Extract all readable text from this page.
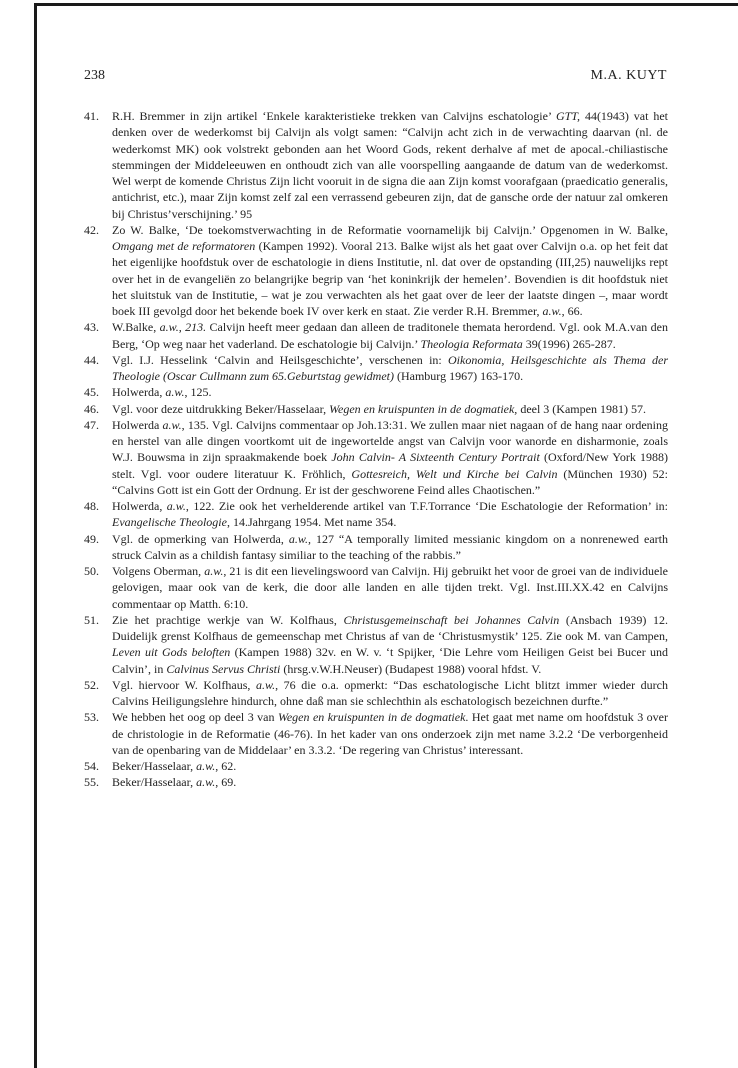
238	M.A. KUYT
41.	R.H. Bremmer in zijn artikel ‘Enkele karakteristieke trekken van Calvijns eschatologie’ GTT, 44(1943) vat het denken over de wederkomst bij Calvijn als volgt samen: “Calvijn acht zich in de verwachting daarvan (nl. de wederkomst MK) ook volstrekt gebonden aan het Woord Gods, rekent derhalve af met de apocal.-chiliastische stemmingen der Middeleeuwen en onthoudt zich van alle voorspelling aangaande de datum van de wederkomst. Wel werpt de komende Christus Zijn licht vooruit in de signa die aan Zijn komst voorafgaan (praedicatio generalis, antichrist, etc.), maar Zijn komst zelf zal een verrassend gebeuren zijn, dat de gansche orde der natuur zal omkeren bij Christus’verschijning.’ 95
42.	Zo W. Balke, ‘De toekomstverwachting in de Reformatie voornamelijk bij Calvijn.’ Opgenomen in W. Balke, Omgang met de reformatoren (Kampen 1992). Vooral 213. Balke wijst als het gaat over Calvijn o.a. op het feit dat het eigenlijke hoofdstuk over de eschatologie in diens Institutie, nl. dat over de opstanding (III,25) nauwelijks rept over het in de evangeliën zo belangrijke begrip van ‘het koninkrijk der hemelen’. Bovendien is dit hoofdstuk niet het sluitstuk van de Institutie, – wat je zou verwachten als het gaat over de leer der laatste dingen –, maar wordt boek III gevolgd door het bekende boek IV over kerk en staat. Zie verder R.H. Bremmer, a.w., 66.
43.	W.Balke, a.w., 213. Calvijn heeft meer gedaan dan alleen de traditonele themata herordend. Vgl. ook M.A.van den Berg, ‘Op weg naar het vaderland. De eschatologie bij Calvijn.’ Theologia Reformata 39(1996) 265-287.
44.	Vgl. I.J. Hesselink ‘Calvin and Heilsgeschichte’, verschenen in: Oikonomia, Heilsgeschichte als Thema der Theologie (Oscar Cullmann zum 65.Geburtstag gewidmet) (Hamburg 1967) 163-170.
45.	Holwerda, a.w., 125.
46.	Vgl. voor deze uitdrukking Beker/Hasselaar, Wegen en kruispunten in de dogmatiek, deel 3 (Kampen 1981) 57.
47.	Holwerda a.w., 135. Vgl. Calvijns commentaar op Joh.13:31. We zullen maar niet nagaan of de hang naar ordening en herstel van alle dingen voortkomt uit de ingewortelde angst van Calvijn voor wanorde en disharmonie, zoals W.J. Bouwsma in zijn spraakmakende boek John Calvin- A Sixteenth Century Portrait (Oxford/New York 1988) stelt. Vgl. voor oudere literatuur K. Fröhlich, Gottesreich, Welt und Kirche bei Calvin (München 1930) 52: “Calvins Gott ist ein Gott der Ordnung. Er ist der geschworene Feind alles Chaotischen.”
48.	Holwerda, a.w., 122. Zie ook het verhelderende artikel van T.F.Torrance ‘Die Eschatologie der Reformation’ in: Evangelische Theologie, 14.Jahrgang 1954. Met name 354.
49.	Vgl. de opmerking van Holwerda, a.w., 127 “A temporally limited messianic kingdom on a nonrenewed earth struck Calvin as a childish fantasy similiar to the teaching of the rabbis.”
50.	Volgens Oberman, a.w., 21 is dit een lievelingswoord van Calvijn. Hij gebruikt het voor de groei van de individuele gelovigen, maar ook van de kerk, die door alle landen en alle tijden trekt. Vgl. Inst.III.XX.42 en Calvijns commentaar op Matth. 6:10.
51.	Zie het prachtige werkje van W. Kolfhaus, Christusgemeinschaft bei Johannes Calvin (Ansbach 1939) 12. Duidelijk grenst Kolfhaus de gemeenschap met Christus af van de ‘Christusmystik’ 125. Zie ook M. van Campen, Leven uit Gods beloften (Kampen 1988) 32v. en W. v. ‘t Spijker, ‘Die Lehre vom Heiligen Geist bei Bucer und Calvin’, in Calvinus Servus Christi (hrsg.v.W.H.Neuser) (Budapest 1988) vooral hfdst. V.
52.	Vgl. hiervoor W. Kolfhaus, a.w., 76 die o.a. opmerkt: “Das eschatologische Licht blitzt immer wieder durch Calvins Heiligungslehre hindurch, ohne daß man sie schlechthin als eschatologisch bezeichnen durfte.”
53.	We hebben het oog op deel 3 van Wegen en kruispunten in de dogmatiek. Het gaat met name om hoofdstuk 3 over de christologie in de Reformatie (46-76). In het kader van ons onderzoek zijn met name 3.2.2 ‘De verborgenheid van de openbaring van de Middelaar’ en 3.3.2. ‘De regering van Christus’ interessant.
54.	Beker/Hasselaar, a.w., 62.
55.	Beker/Hasselaar, a.w., 69.
